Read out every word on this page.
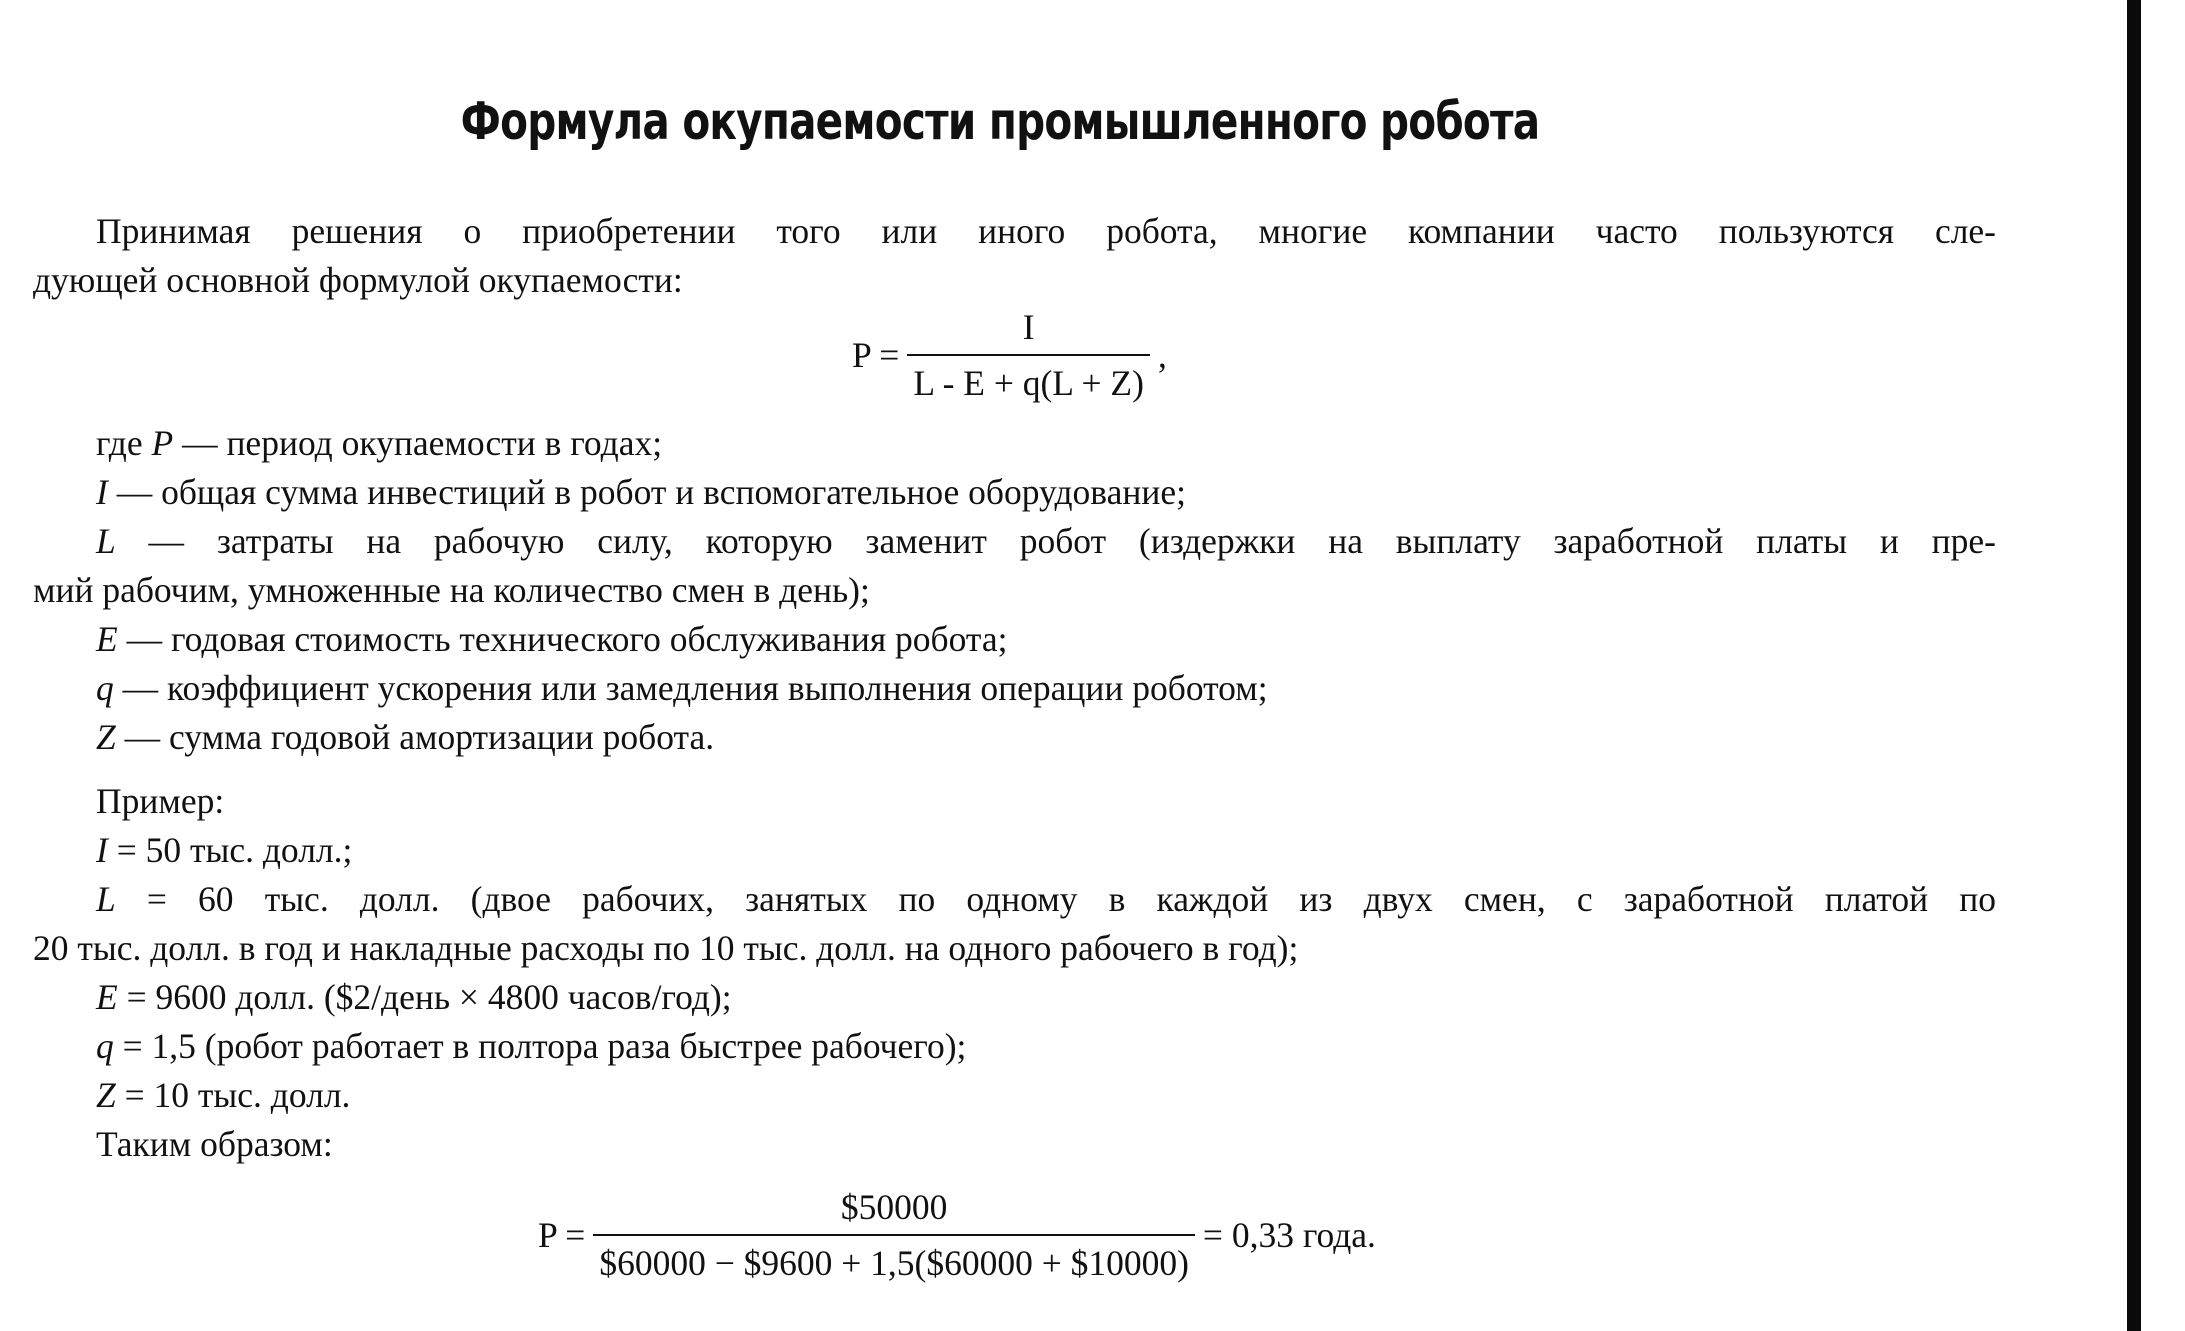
Формула окупаемости промышленного робота
Принимая решения о приобретении того или иного робота, многие компании часто пользуются сле-
дующей основной формулой окупаемости:
$P = \frac{I}{L - E + q(L + Z)}$ ,
где P — период окупаемости в годах;
I — общая сумма инвестиций в робот и вспомогательное оборудование;
L — затраты на рабочую силу, которую заменит робот (издержки на выплату заработной платы и пре-
мий рабочим, умноженные на количество смен в день);
E — годовая стоимость технического обслуживания робота;
q — коэффициент ускорения или замедления выполнения операции роботом;
Z — сумма годовой амортизации робота.
Пример:
I = 50 тыс. долл.;
L = 60 тыс. долл. (двое рабочих, занятых по одному в каждой из двух смен, с заработной платой по
20 тыс. долл. в год и накладные расходы по 10 тыс. долл. на одного рабочего в год);
E = 9600 долл. ($2/день × 4800 часов/год);
q = 1,5 (робот работает в полтора раза быстрее рабочего);
Z = 10 тыс. долл.
Таким образом:
$P = \frac{\$50000}{\$60000 - \$9600 + 1,5(\$60000 + \$10000)} = 0,33$ года.
